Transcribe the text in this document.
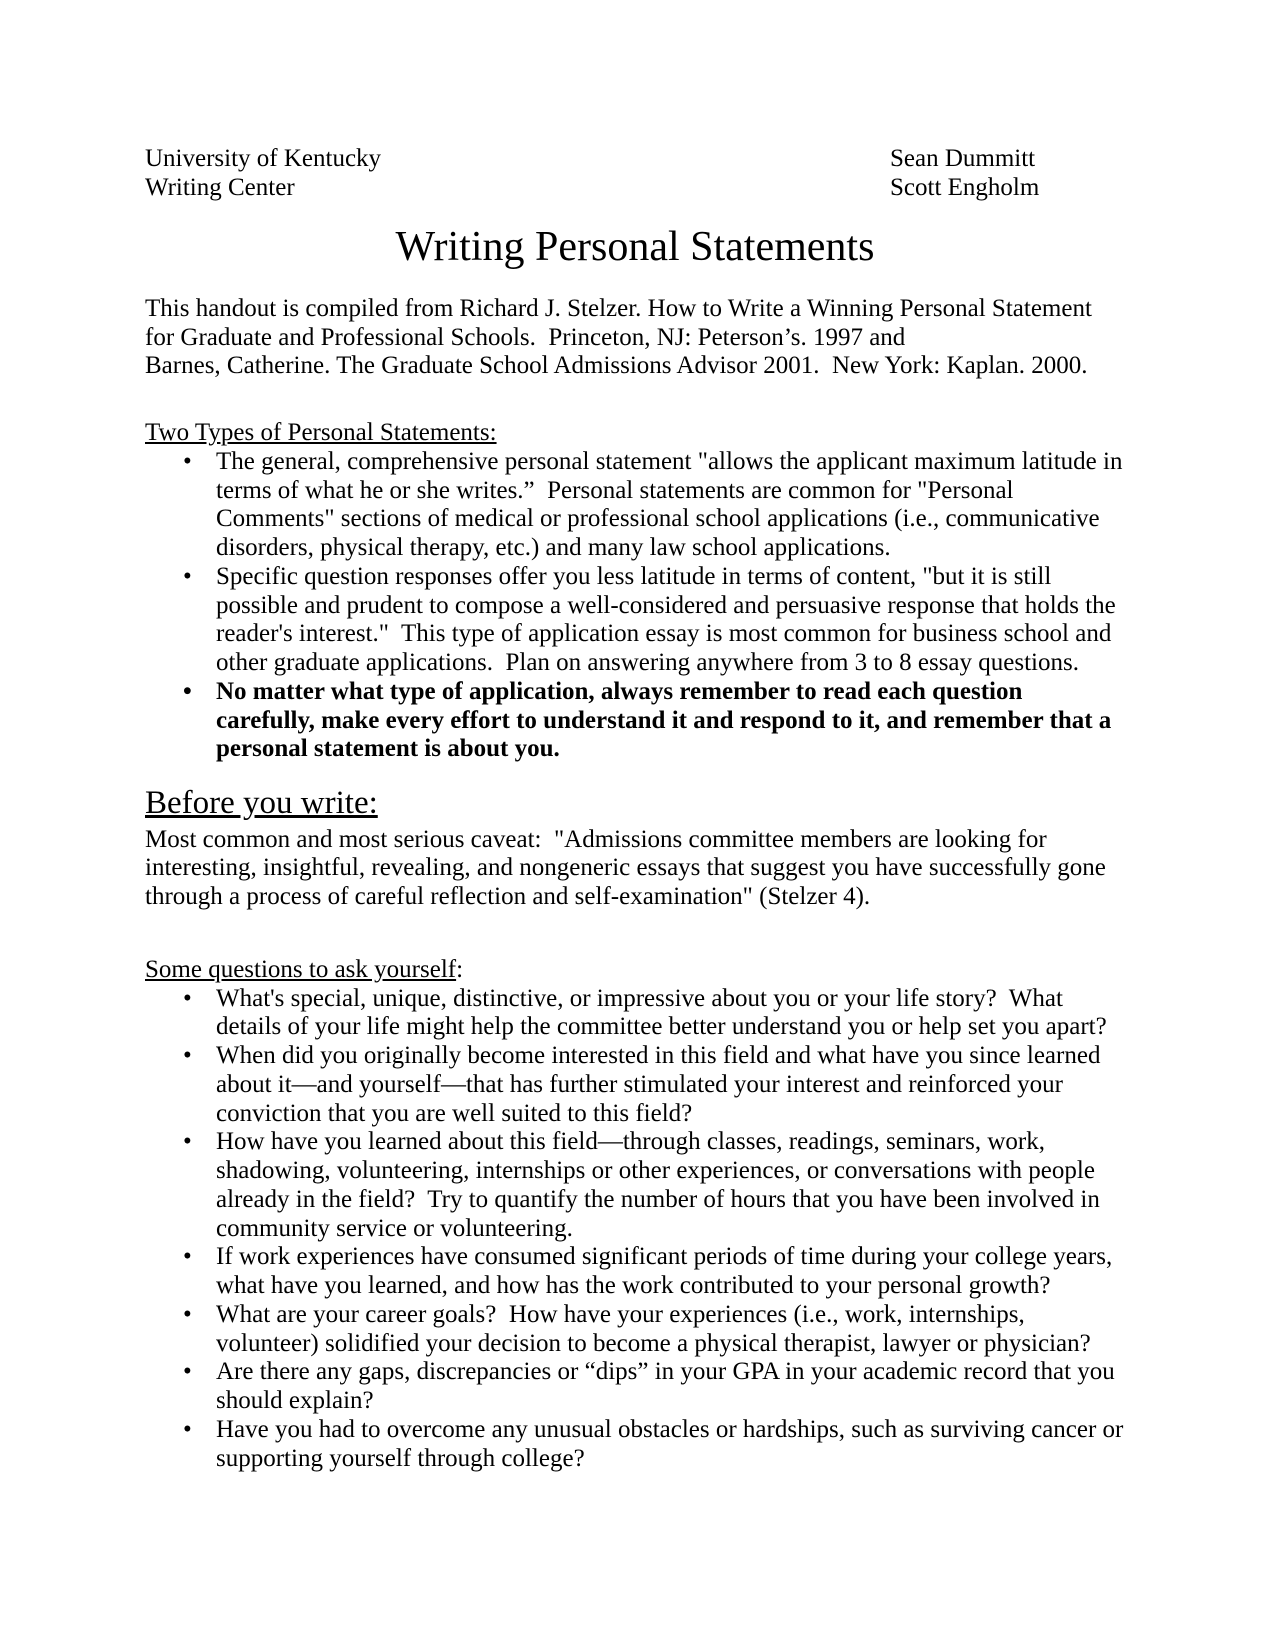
University of Kentucky
Writing Center
Sean Dummitt
Scott Engholm
Writing Personal Statements

This handout is compiled from Richard J. Stelzer. How to Write a Winning Personal Statement
for Graduate and Professional Schools.  Princeton, NJ: Peterson’s. 1997 and
Barnes, Catherine. The Graduate School Admissions Advisor 2001.  New York: Kaplan. 2000.

Two Types of Personal Statements:
• The general, comprehensive personal statement "allows the applicant maximum latitude in terms of what he or she writes.”  Personal statements are common for "Personal Comments" sections of medical or professional school applications (i.e., communicative disorders, physical therapy, etc.) and many law school applications.
• Specific question responses offer you less latitude in terms of content, "but it is still possible and prudent to compose a well-considered and persuasive response that holds the reader's interest."  This type of application essay is most common for business school and other graduate applications.  Plan on answering anywhere from 3 to 8 essay questions.
• No matter what type of application, always remember to read each question carefully, make every effort to understand it and respond to it, and remember that a personal statement is about you.
Before you write:

Most common and most serious caveat:  "Admissions committee members are looking for interesting, insightful, revealing, and nongeneric essays that suggest you have successfully gone through a process of careful reflection and self-examination" (Stelzer 4).

Some questions to ask yourself:
• What's special, unique, distinctive, or impressive about you or your life story?  What details of your life might help the committee better understand you or help set you apart?
• When did you originally become interested in this field and what have you since learned about it—and yourself—that has further stimulated your interest and reinforced your conviction that you are well suited to this field?
• How have you learned about this field—through classes, readings, seminars, work, shadowing, volunteering, internships or other experiences, or conversations with people already in the field?  Try to quantify the number of hours that you have been involved in community service or volunteering.
• If work experiences have consumed significant periods of time during your college years, what have you learned, and how has the work contributed to your personal growth?
• What are your career goals?  How have your experiences (i.e., work, internships, volunteer) solidified your decision to become a physical therapist, lawyer or physician?
• Are there any gaps, discrepancies or “dips” in your GPA in your academic record that you should explain?
• Have you had to overcome any unusual obstacles or hardships, such as surviving cancer or supporting yourself through college?
